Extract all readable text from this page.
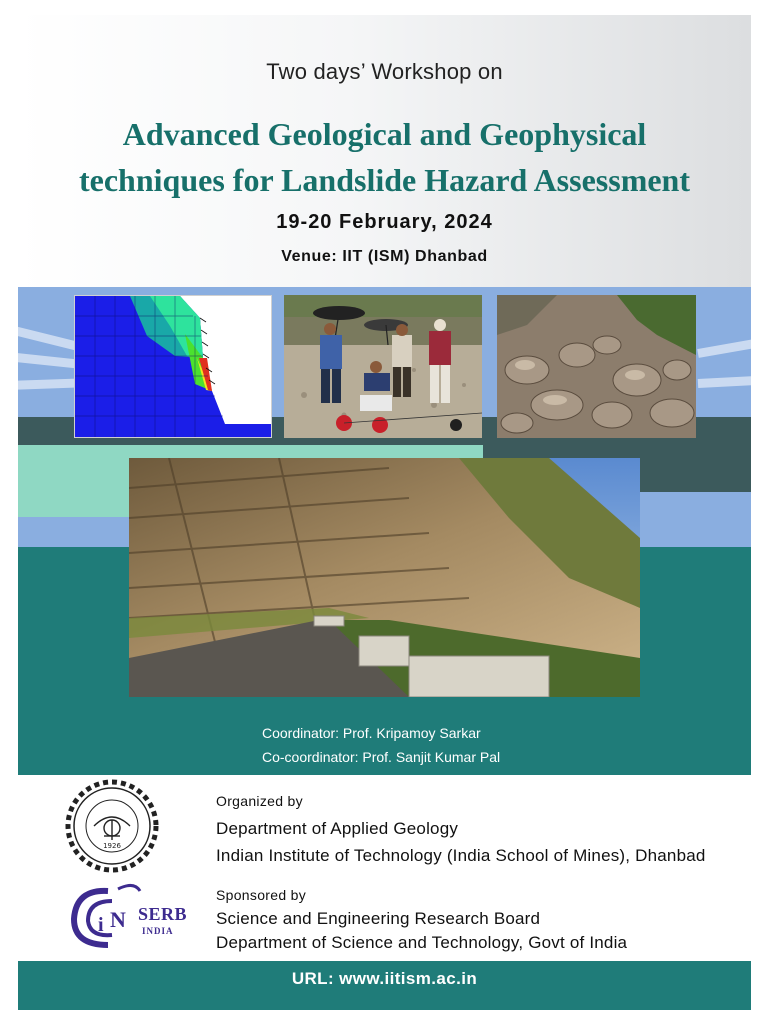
Two days’ Workshop on
Advanced Geological and Geophysical
techniques for Landslide Hazard Assessment
19-20 February, 2024
Venue: IIT (ISM) Dhanbad
Coordinator: Prof. Kripamoy Sarkar
Co-coordinator: Prof. Sanjit Kumar Pal
1926
Organized by
Department of Applied Geology
Indian Institute of Technology (India School of Mines), Dhanbad
i N SERB
INDIA
Sponsored by
Science and Engineering Research Board
Department of Science and Technology, Govt of India
URL: www.iitism.ac.in
